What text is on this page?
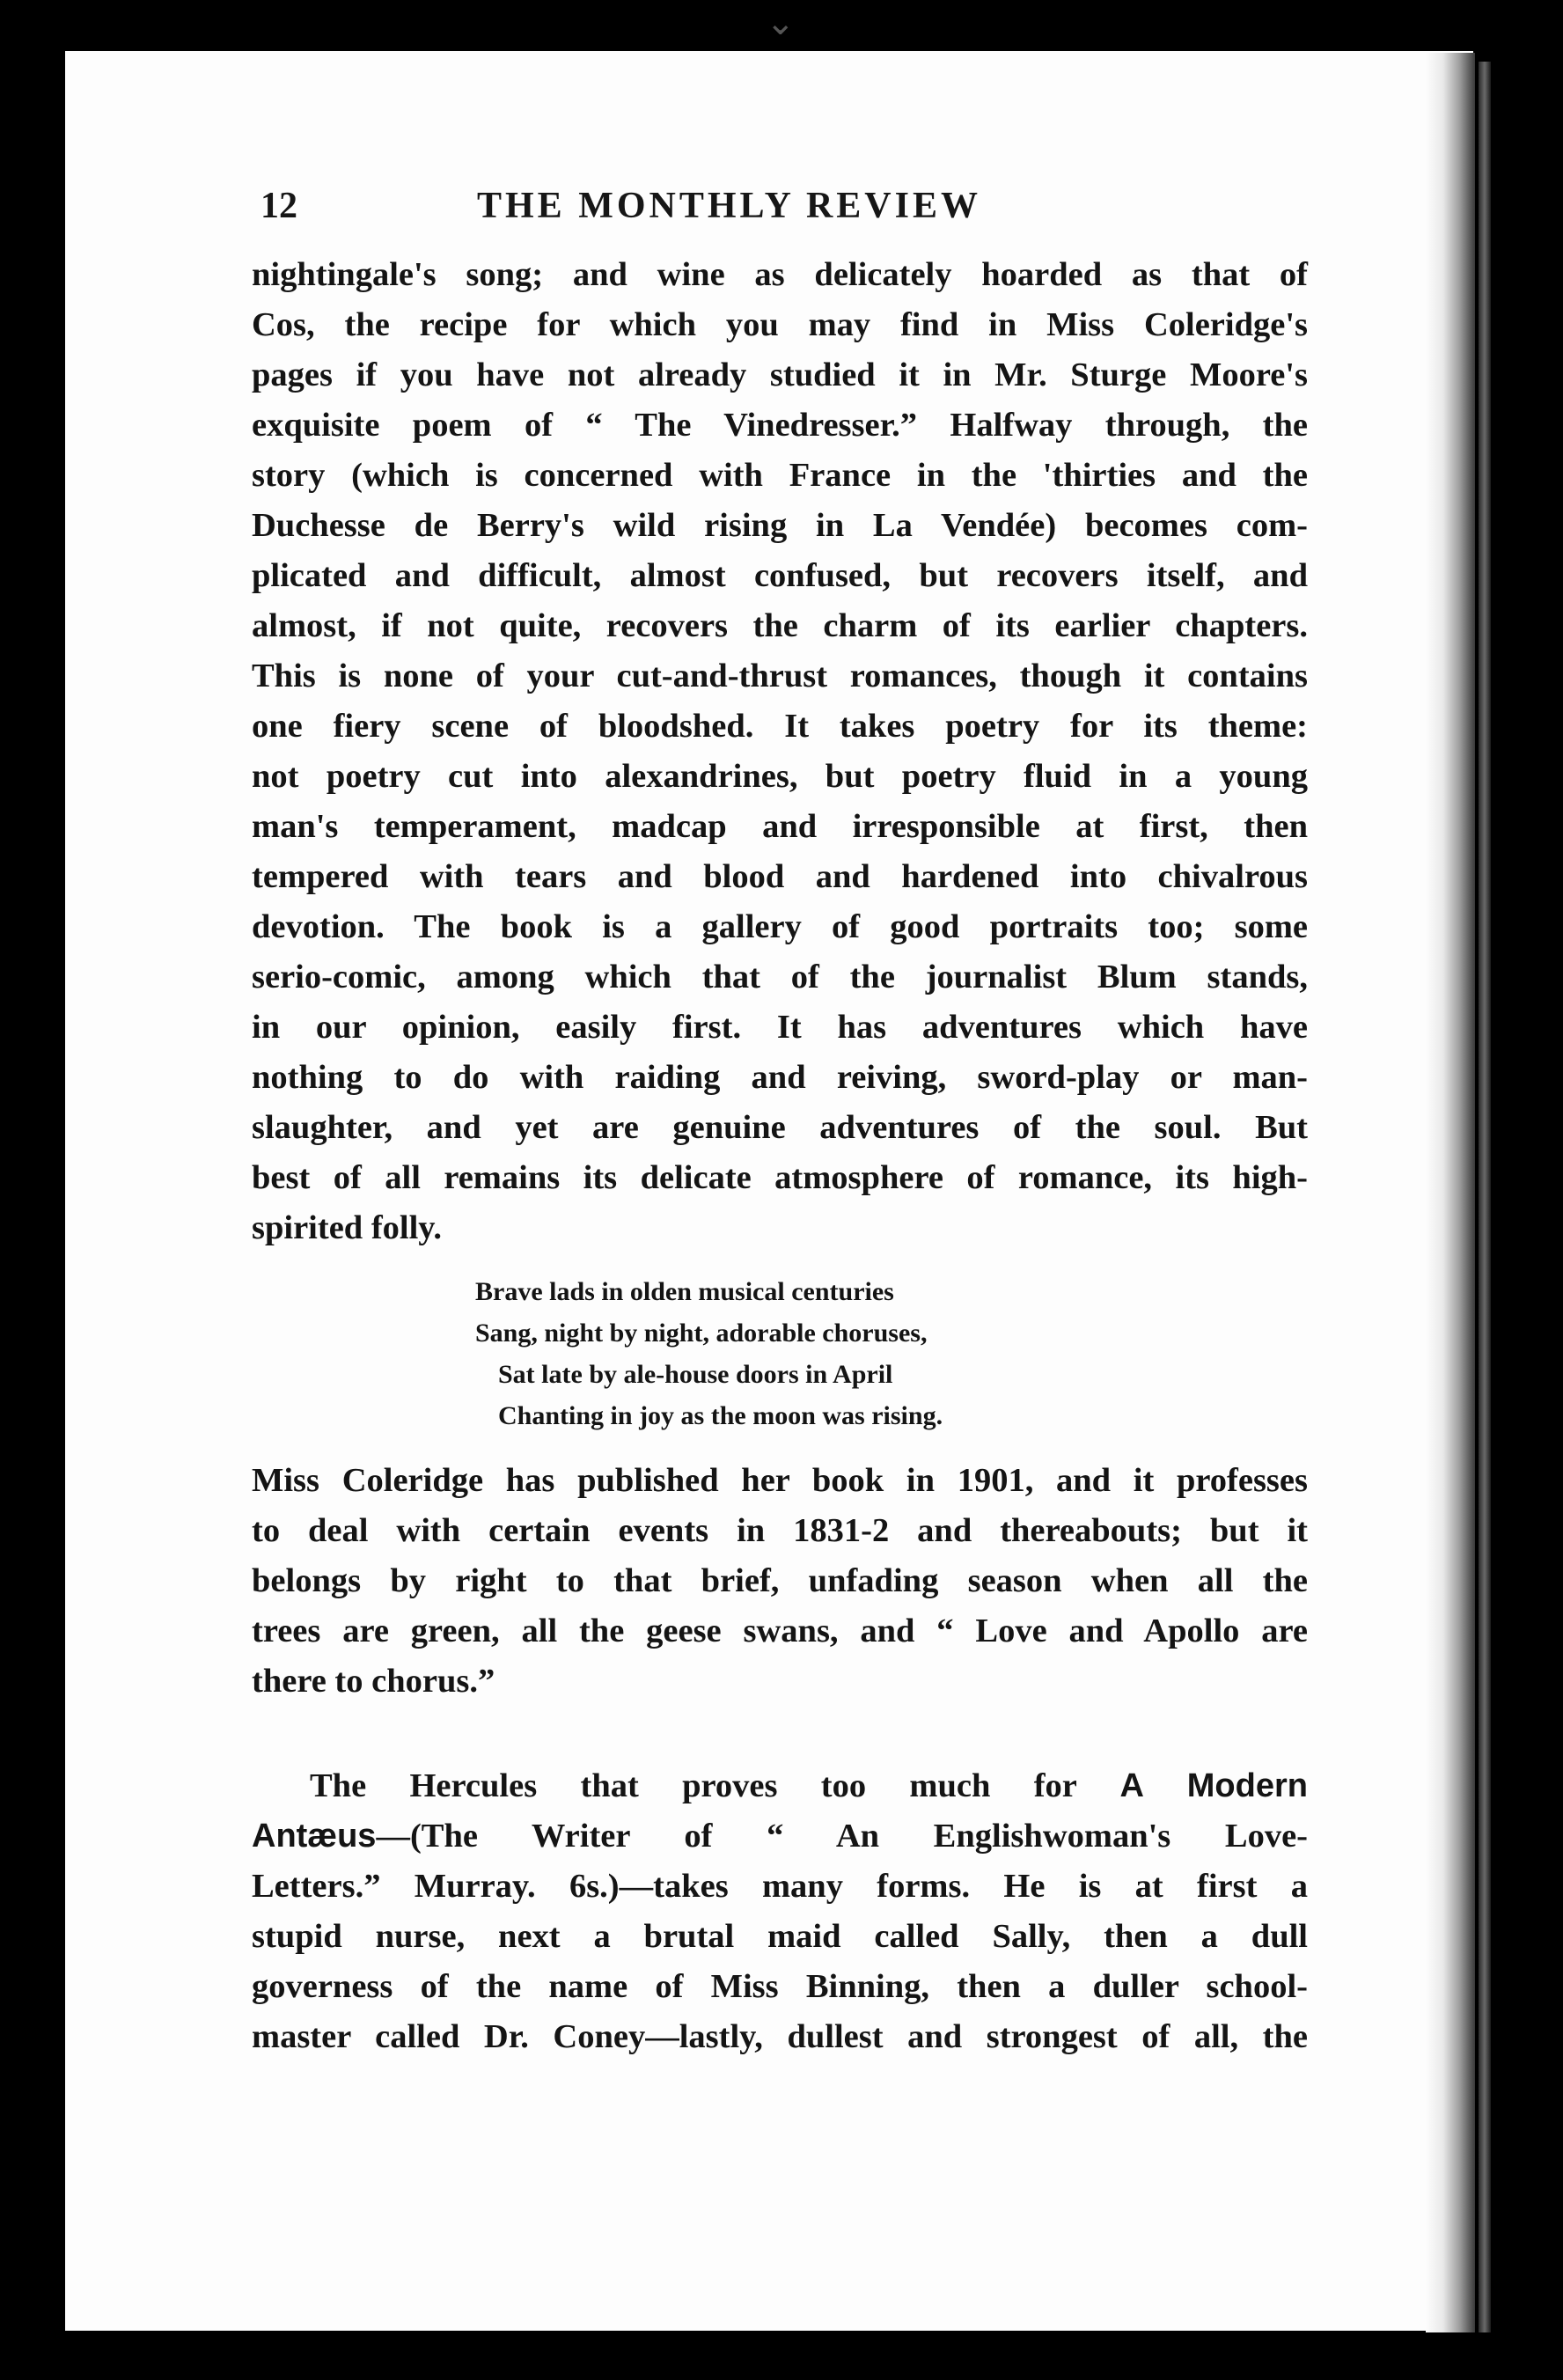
⌄
12	THE MONTHLY REVIEW
nightingale's song; and wine as delicately hoarded as that of
Cos, the recipe for which you may find in Miss Coleridge's
pages if you have not already studied it in Mr. Sturge Moore's
exquisite poem of “ The Vinedresser.” Halfway through, the
story (which is concerned with France in the 'thirties and the
Duchesse de Berry's wild rising in La Vendée) becomes com-
plicated and difficult, almost confused, but recovers itself, and
almost, if not quite, recovers the charm of its earlier chapters.
This is none of your cut-and-thrust romances, though it contains
one fiery scene of bloodshed. It takes poetry for its theme:
not poetry cut into alexandrines, but poetry fluid in a young
man's temperament, madcap and irresponsible at first, then
tempered with tears and blood and hardened into chivalrous
devotion. The book is a gallery of good portraits too; some
serio-comic, among which that of the journalist Blum stands,
in our opinion, easily first. It has adventures which have
nothing to do with raiding and reiving, sword-play or man-
slaughter, and yet are genuine adventures of the soul. But
best of all remains its delicate atmosphere of romance, its high-
spirited folly.
Brave lads in olden musical centuries
Sang, night by night, adorable choruses,
Sat late by ale-house doors in April
Chanting in joy as the moon was rising.
Miss Coleridge has published her book in 1901, and it professes
to deal with certain events in 1831-2 and thereabouts; but it
belongs by right to that brief, unfading season when all the
trees are green, all the geese swans, and “ Love and Apollo are
there to chorus.”
The Hercules that proves too much for A Modern
Antæus—(The Writer of “ An Englishwoman's Love-
Letters.” Murray. 6s.)—takes many forms. He is at first a
stupid nurse, next a brutal maid called Sally, then a dull
governess of the name of Miss Binning, then a duller school-
master called Dr. Coney—lastly, dullest and strongest of all, the
